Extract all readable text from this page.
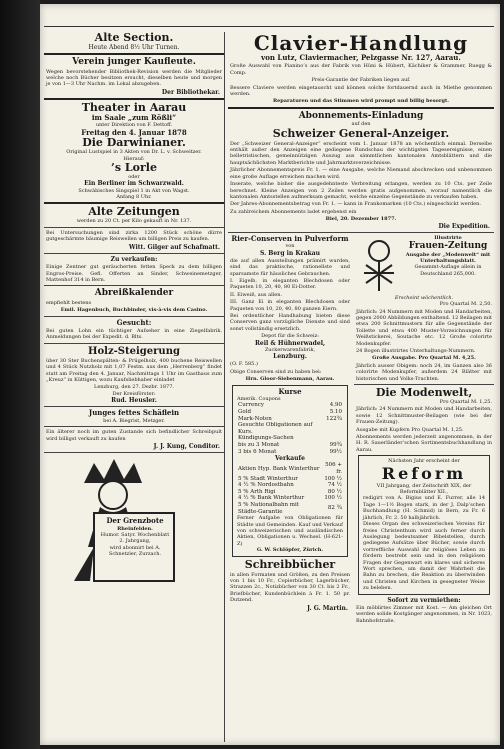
Alte Section.
Heute Abend 8½ Uhr Turnen.
Verein junger Kaufleute.
Wegen bevorstehender Bibliothek-Revision werden die Mitglieder welche noch Bücher besitzen ersucht, dieselben heute und morgen je von 1—3 Uhr Nachm. im Lokal abzugeben.
Der Bibliothekar.
Theater in Aarau
im Saale „zum Rößli“
unter Direktion von F. Dettoff.
Freitag den 4. Januar 1878
Die Darwinianer.
Original Lustspiel in 3 Akten von Dr. L. v. Schweitzer.
Hierauf:
’s Lorle
oder
Ein Berliner im Schwarzwald.
Schwäbisches Singspiel 1 in Akt von Wagst.
Anfang 8 Uhr.
Alte Zeitungen
werden zu 20 Ct. per Kilo gekauft in Nr. 137.
Bei Untersuchungen sind zirka 1200 Stück schöne dürre gutgeschärmte bäumige Reiswellen um billigen Preis zu kaufen.
Witt. Gilger auf Schafmatt.
Zu verkaufen:
Einige Zentner gut geräucherten fetten Speck zu dem billigen Engros-Preise. Gefl. Offerten an Sinder, Schweinemetzger, Mattenhof 314 in Bern.
Abreißkalender
empfiehlt bestens
Emil. Hagenbuch, Buchbinder, vis-à-vis dem Casino.
Gesucht:
Bei guten Lohn ein tüchtiger Aufseher in eine Ziegelfabrik. Anmeldungen bei der Expedit. d. Blts.
Holz-Steigerung
über 30 Ster Buchenspälten- & Prügelholz, 400 buchene Reiswellen und 4 Stück Nutzholz mit 1,07 Festm. aus dem „Herrenberg“ findet statt am Freitag den 4. Januar, Nachmittags 1 Uhr im Gasthaus zum „Kreuz“ in Küttigen, wozu Kaufsliebhaber einladet
Lenzburg, den 27. Dezbr. 1877.
Der Kreisförster:
Rud. Heusler.
Junges fettes Schäflein
bei A. Biegrist, Metzger.
Ein älterer noch im guten Zustande sich befindlicher Schreibpult wird billigst verkauft zu kaufen
J. J. Kung, Conditor.
Der Grenzbote
Rheinfelden.
Humor. Satyr. Wochenblatt
2. Jahrgang,
wird abonnirt bei A. Schnetzler, Zurzach.
Clavier-Handlung
von Lutz, Claviermacher, Pelzgasse Nr. 127, Aarau.
Große Auswahl von Pianino’s aus der Fabrik von Hüni & Hübert, Kächiker & Grammer, Ruegg & Comp.
Preis-Garantie der Fabriken liegen auf.
Bessere Claviere werden eingetauscht und können solche fortdauernd auch in Miethe genommen werden.
Reparaturen und das Stimmen wird prompt und billig besorgt.
Abonnements-Einladung
auf den
Schweizer General-Anzeiger.
Der „Schweizer General-Anzeiger“ erscheint vom 1. Januar 1878 an wöchentlich einmal. Derselbe enthält außer den Anzeigen eine gediegene Rundschau der wichtigsten Tagesereignisse, einen belletristischen, gemeinnützigen Auszug aus sämmtlichen kantonalen Amtsblättern und die hauptsächlichsten Marktberichte und Jahrmarktsverzeichnisse.
Jährlicher Abonnementspreis Fr. 1. — eine Ausgabe, welche Niemand abschrecken und unbenommen eine große Auflage erreichen machen wird.
Inserate, welche bisher die ausgedehnteste Verbreitung erlangen, werden zu 10 Cts. per Zeile berechnet. Kleine Anzeigen von 2 Zeilen werden gratis aufgenommen, worauf namentlich die kantonalen Amtsstellen aufmerksam gemacht, welche einzelne Gegenstände zu verkaufen haben.
Der Jahres-Abonnementsbetrag von Fr. 1. — kann in Frankomarken (10 Cts.) eingeschickt werden.
Zu zahlreichem Abonnements ladet ergebenst ein
Biel, 20. Dezember 1877.
Die Expedition.
Rier-Conserven in Pulverform
von
S. Berg in Krakau
die auf allen Ausstellungen prämirt wurden, sind das praktische, rationellste und sparsamste für häusliches Gebrauchen.
I. Eigelb, in eleganten Blechdosen oder Paqueten 10, 20, 40, 80 Ei-Dotter.
II. Eiweiß, aus allen.
III. Ganz Ei in eleganten Blechdosen oder Paqueten von 10, 20, 40, 80 ganzen Eiern.
Bei ordentlicher Handhabung bieten diese Conserven ganz vorzügliche Dienste und sind sonst vollständig ersetzlich.
Depot für die Schweiz:
Reil & Hühnerwadel,
Zuckerwarenfabrik,
Lenzburg.
(O. F. 585.)
Obige Conserven sind zu haben bei:
Hrn. Gloor-Siebenmann, Aarau.
Kurse
Amerik. Coupons
Currency	4.90
Gold	5.10
Mark-Noten	122¾
Gesuchte Obligationen auf Kurs.	
Kündigungs-Sachen	
bis zu 3 Monat	99¾
3 bis 6 Monat	99½
Verkaufe
Aktien Hyp. Bank Winterthur	506 + fr.
5 % Stadt Winterthur	100 ½
4 ½ % Nordostbahn	74 ½
5 % Arth Rigi	80 ½
4 ½ % Bank Winterthur	100 ½
5 % Nationalbahn mit Städte-Garantie	82 ¾
Ferner Aufgabe von Obligationen für Städte und Gemeinden. Kauf und Verkauf von schweizerischen und ausländischen Aktien, Obligationen u. Wechsel. (H-621-Z)
G. W. Schlöpfer, Zürich.
Schreibbücher
in allen Formaten und Größen, zu den Preisen von 1 bis 10 Fr., Copierbücher, Lagerbücher, Strazzen 2c., Notizbücher von 30 Ct. bis 2 Fr., Briefbücher, Kundenbüchlein à Fr. 1. 50 pr. Dutzend.
J. G. Martin.
Illustrirte
Frauen-Zeitung
Ausgabe der „Modenwelt“ mit Unterhaltungsblatt.
Gesammt-Auflage allein in Deutschland 265,000.
Erscheint wöchentlich.
Pro Quartal M. 2,50.
Jährlich: 24 Nummern mit Moden und Handarbeiten, gegen 2000 Abbildungen enthaltend. 12 Beilagen mit etwa 200 Schnittmustern für alle Gegenstände der Toilette und etwa 400 Muster-Vorzeichnungen für Weißstickerei, Soutache etc. 12 Große colorirte Modenkupfer.
24 Bogen illustrirtes Unterhaltungs-Nummern.
Große Ausgabe. Pro Quartal M. 4,25.
Jährlich ausser Obigem: noch 24, im Ganzen also 36 colorirte Modenkupfer, außerdem 24 Blätter mit historischen und Volks-Trachten.
Die Modenwelt,
Pro Quartal M. 1,25.
Jährlich: 24 Nummern mit Moden und Handarbeiten, sowie 12 Schnittmuster-Beilagen (wie bei der Frauen-Zeitung).
Ausgabe mit Kupfern Pro Quartal M. 1,25.
Abonnements werden jederzeit angenommen, in der H. R. Sauerländer’schen Sortimentsbuchhandlung in Aarau.
Nächsten Jahr erscheint der
Reform
VII Jahrgang, der Zeitschrift XIX, der Reformblätter XII.,
redigirt von A. Bigius und E. Furrer, alle 14 Tage 1—1½ Bogen stark, in der J. Dalp’schen Buchhandlung (H. Schmid) in Bern, zu Fr. 6 jährlich, Fr. 2. 50 halbjährlich.
Dieses Organ des schweizerischen Vereins für freies Christenthum wird auch ferner durch Auslegung bedeutsamer Bibelstellen, durch gediegene Aufsätze über Bücher, sowie durch vortreffliche Auswahl ihr religiöses Leben zu fördern bestrebt sein und in den religiösen Fragen der Gegenwart ein klares und sicheres Wort sprechen, um damit der Wahrheit die Bahn zu brechen, die Reaktion zu überwinden und Christen und Kirchen in gesegneter Weise zu beleben.
Sofort zu vermiethen:
Ein möblirtes Zimmer mit Kost. — Am gleichen Ort werden solide Kostgänger angenommen, in Nr. 1023, Bahnhofstraße.
